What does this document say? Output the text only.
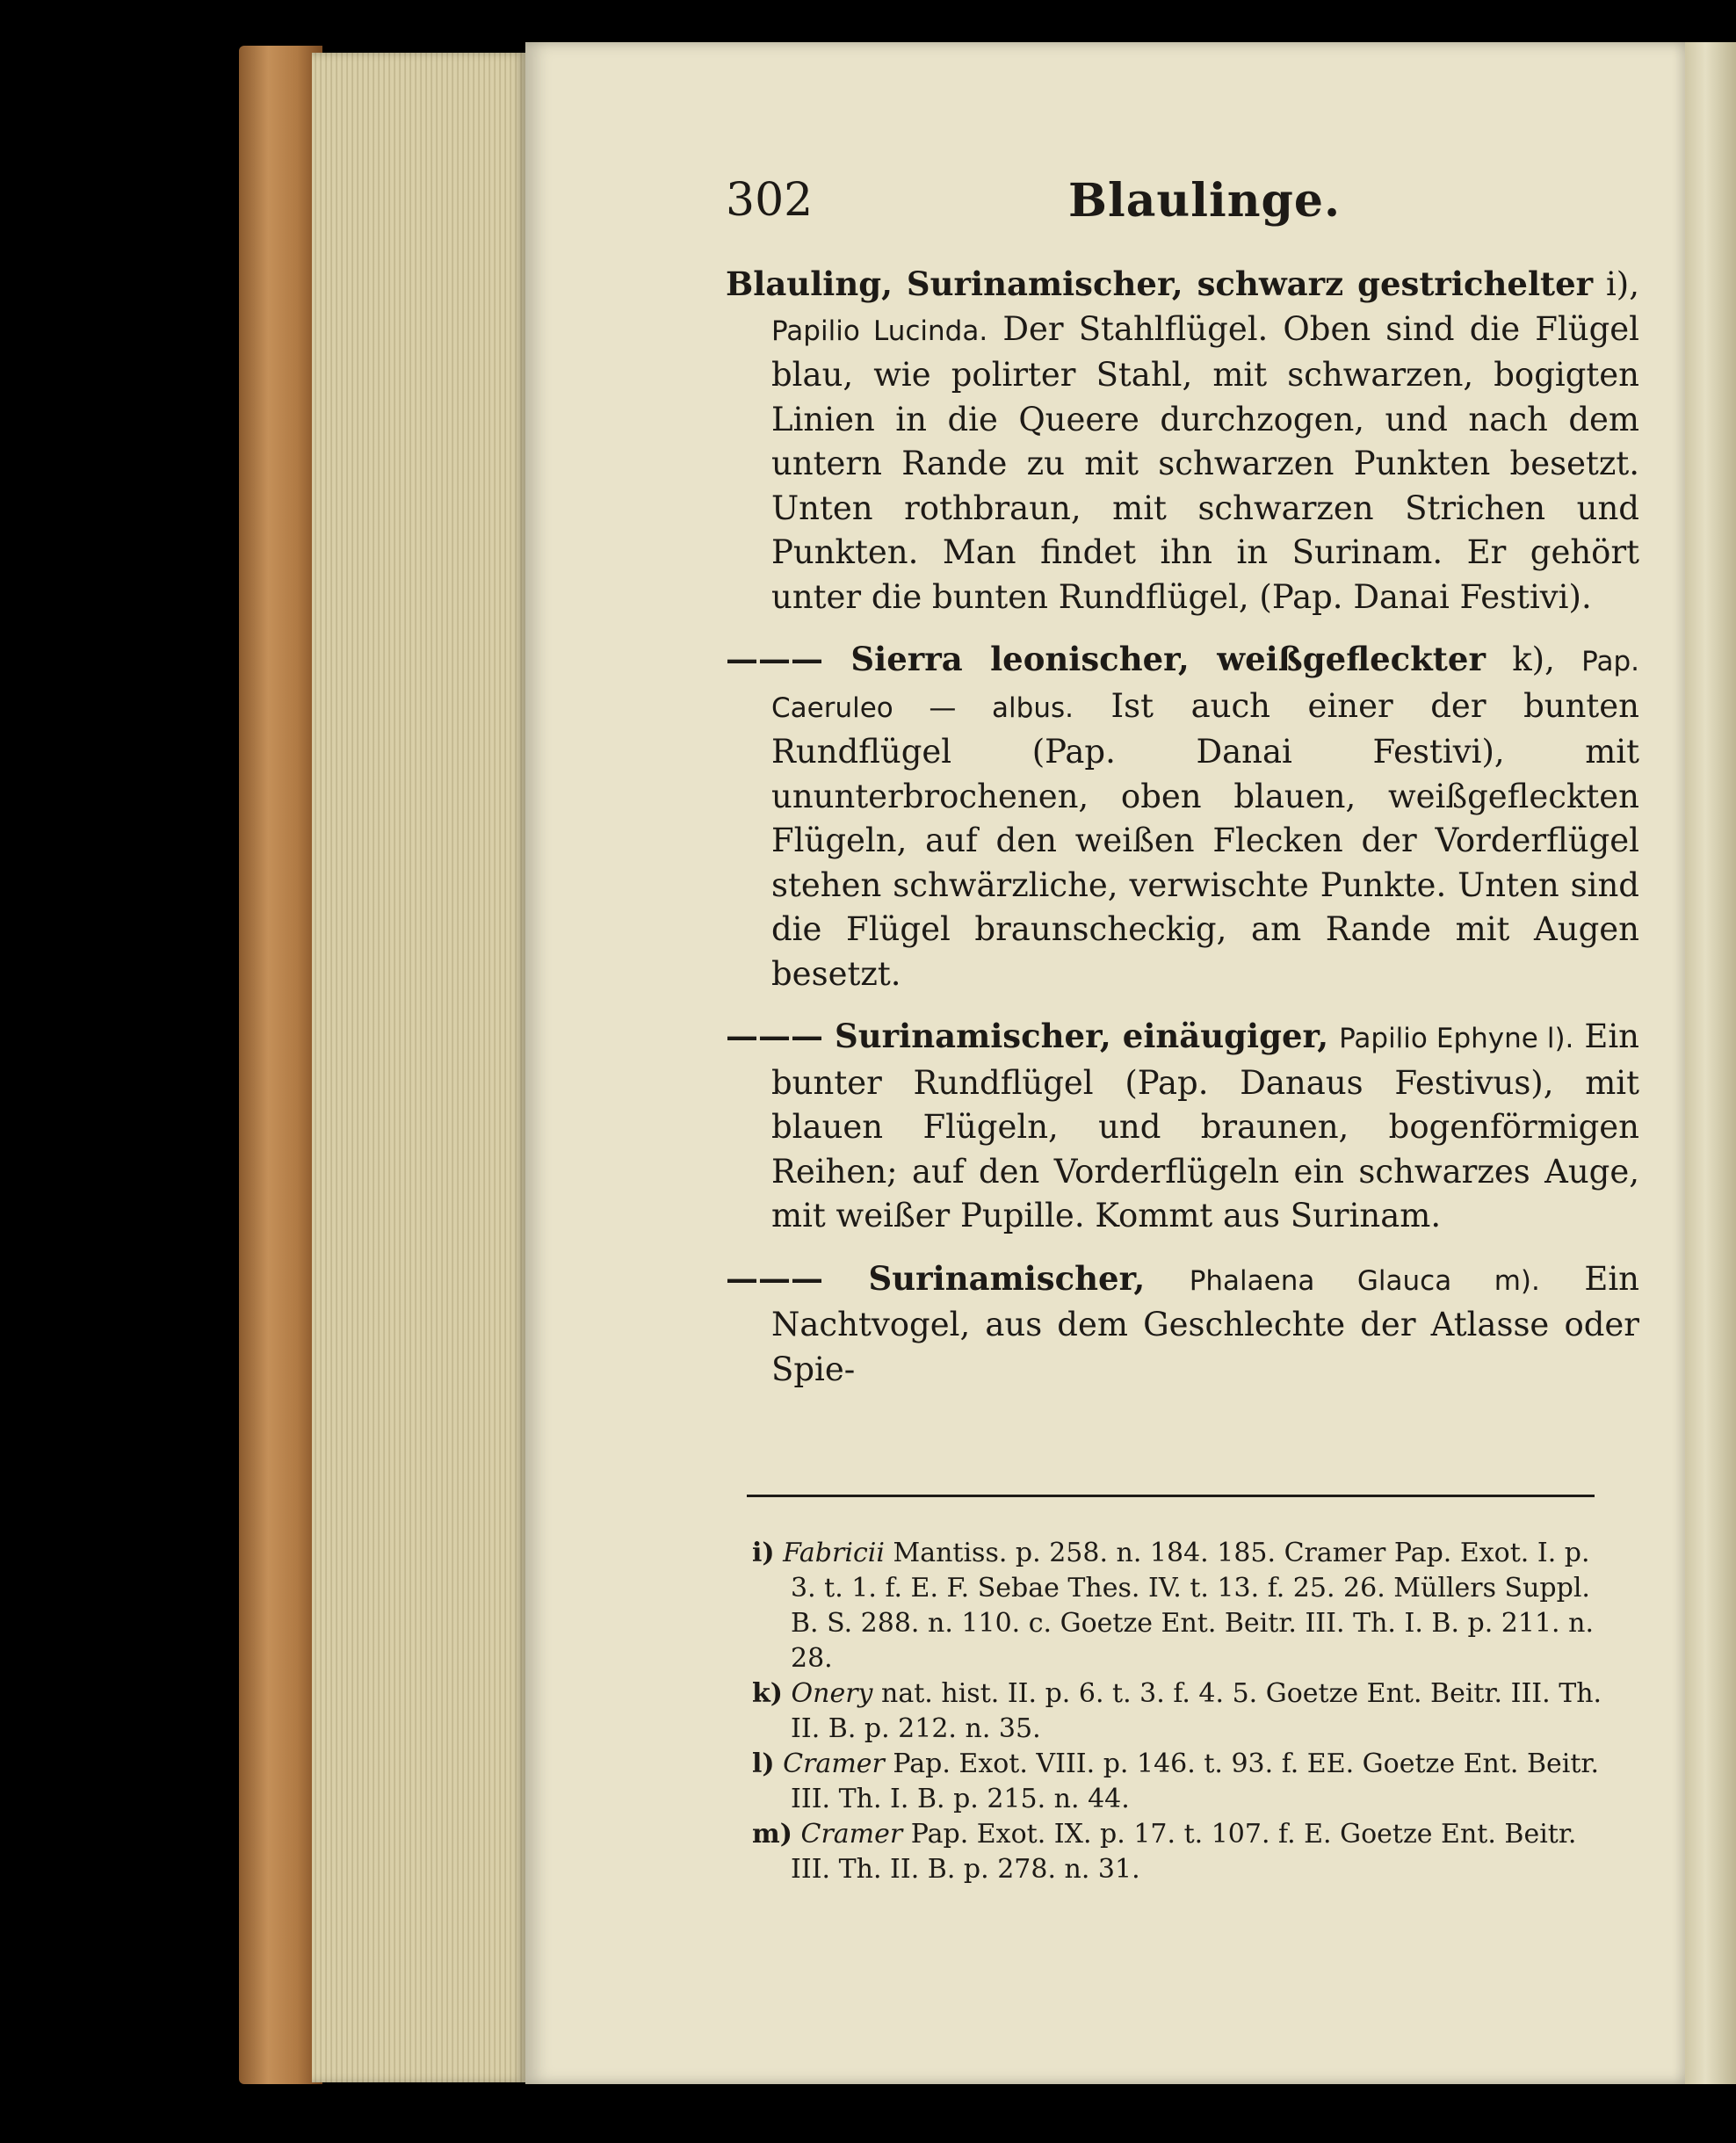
302	Blaulinge.
Blauling, Surinamischer, schwarz gestrichelter i), Papilio Lucinda. Der Stahlflügel. Oben sind die Flügel blau, wie polirter Stahl, mit schwarzen, bogigten Linien in die Queere durchzogen, und nach dem untern Rande zu mit schwarzen Punkten besetzt. Unten rothbraun, mit schwarzen Strichen und Punkten. Man findet ihn in Surinam. Er gehört unter die bunten Rundflügel, (Pap. Danai Festivi).
——— Sierra leonischer, weißgefleckter k), Pap. Caeruleo — albus. Ist auch einer der bunten Rundflügel (Pap. Danai Festivi), mit ununterbrochenen, oben blauen, weißgefleckten Flügeln, auf den weißen Flecken der Vorderflügel stehen schwärzliche, verwischte Punkte. Unten sind die Flügel braunscheckig, am Rande mit Augen besetzt.
——— Surinamischer, einäugiger, Papilio Ephyne l). Ein bunter Rundflügel (Pap. Danaus Festivus), mit blauen Flügeln, und braunen, bogenförmigen Reihen; auf den Vorderflügeln ein schwarzes Auge, mit weißer Pupille. Kommt aus Surinam.
——— Surinamischer, Phalaena Glauca m). Ein Nachtvogel, aus dem Geschlechte der Atlasse oder Spie-
i) Fabricii Mantiss. p. 258. n. 184. 185. Cramer Pap. Exot. I. p. 3. t. 1. f. E. F. Sebae Thes. IV. t. 13. f. 25. 26. Müllers Suppl. B. S. 288. n. 110. c. Goetze Ent. Beitr. III. Th. I. B. p. 211. n. 28.
k) Onery nat. hist. II. p. 6. t. 3. f. 4. 5. Goetze Ent. Beitr. III. Th. II. B. p. 212. n. 35.
l) Cramer Pap. Exot. VIII. p. 146. t. 93. f. EE. Goetze Ent. Beitr. III. Th. I. B. p. 215. n. 44.
m) Cramer Pap. Exot. IX. p. 17. t. 107. f. E. Goetze Ent. Beitr. III. Th. II. B. p. 278. n. 31.
